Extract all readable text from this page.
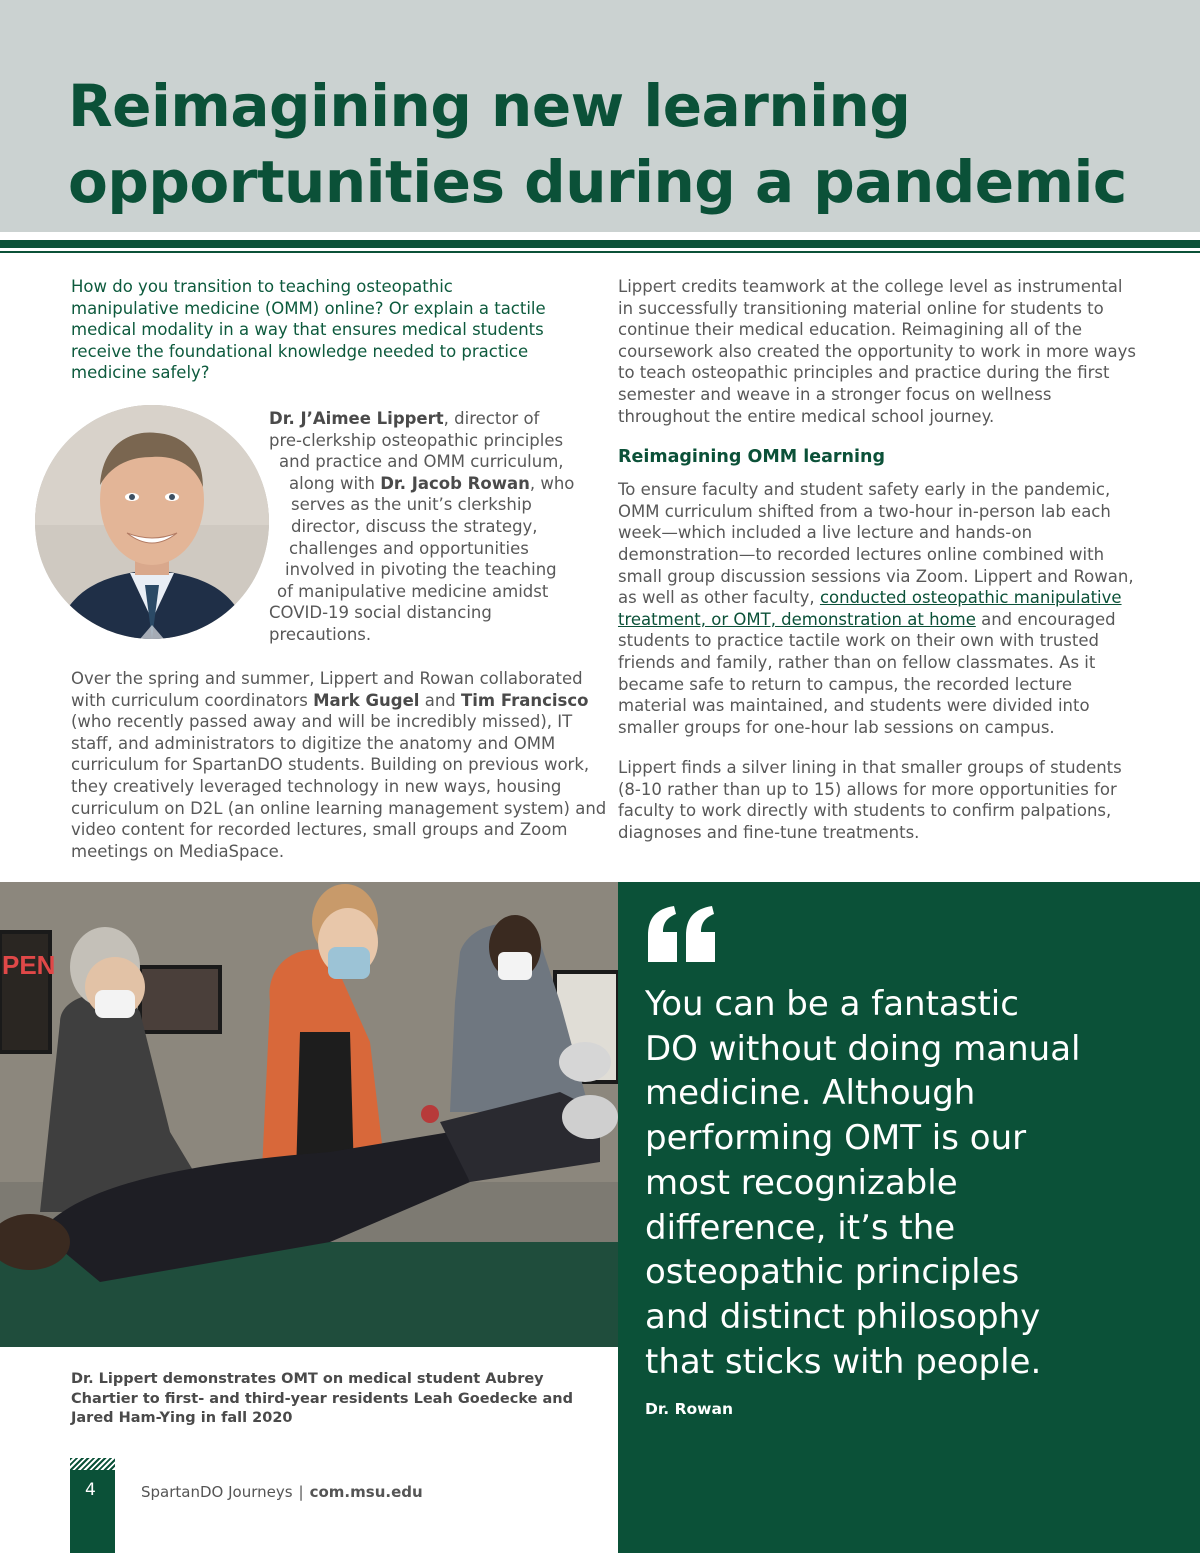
Reimagining new learning
opportunities during a pandemic

How do you transition to teaching osteopathic manipulative medicine (OMM) online? Or explain a tactile medical modality in a way that ensures medical students receive the foundational knowledge needed to practice medicine safely?

Dr. J’Aimee Lippert, director of
pre-clerkship osteopathic principles
and practice and OMM curriculum,
along with Dr. Jacob Rowan, who
serves as the unit’s clerkship
director, discuss the strategy,
challenges and opportunities
involved in pivoting the teaching
of manipulative medicine amidst
COVID-19 social distancing
precautions.

Over the spring and summer, Lippert and Rowan collaborated with curriculum coordinators Mark Gugel and Tim Francisco (who recently passed away and will be incredibly missed), IT staff, and administrators to digitize the anatomy and OMM curriculum for SpartanDO students. Building on previous work, they creatively leveraged technology in new ways, housing curriculum on D2L (an online learning management system) and video content for recorded lectures, small groups and Zoom meetings on MediaSpace.

Lippert credits teamwork at the college level as instrumental in successfully transitioning material online for students to continue their medical education. Reimagining all of the coursework also created the opportunity to work in more ways to teach osteopathic principles and practice during the first semester and weave in a stronger focus on wellness throughout the entire medical school journey.

Reimagining OMM learning

To ensure faculty and student safety early in the pandemic, OMM curriculum shifted from a two-hour in-person lab each week—which included a live lecture and hands-on demonstration—to recorded lectures online combined with small group discussion sessions via Zoom. Lippert and Rowan, as well as other faculty, conducted osteopathic manipulative treatment, or OMT, demonstration at home and encouraged students to practice tactile work on their own with trusted friends and family, rather than on fellow classmates. As it became safe to return to campus, the recorded lecture material was maintained, and students were divided into smaller groups for one-hour lab sessions on campus.

Lippert finds a silver lining in that smaller groups of students (8-10 rather than up to 15) allows for more opportunities for faculty to work directly with students to confirm palpations, diagnoses and fine-tune treatments.

PEN
Dr. Lippert demonstrates OMT on medical student Aubrey Chartier to first- and third-year residents Leah Goedecke and Jared Ham-Ying in fall 2020
You can be a fantastic
DO without doing manual
medicine. Although
performing OMT is our
most recognizable
difference, it’s the
osteopathic principles
and distinct philosophy
that sticks with people.
Dr. Rowan
4	SpartanDO Journeys | com.msu.edu
